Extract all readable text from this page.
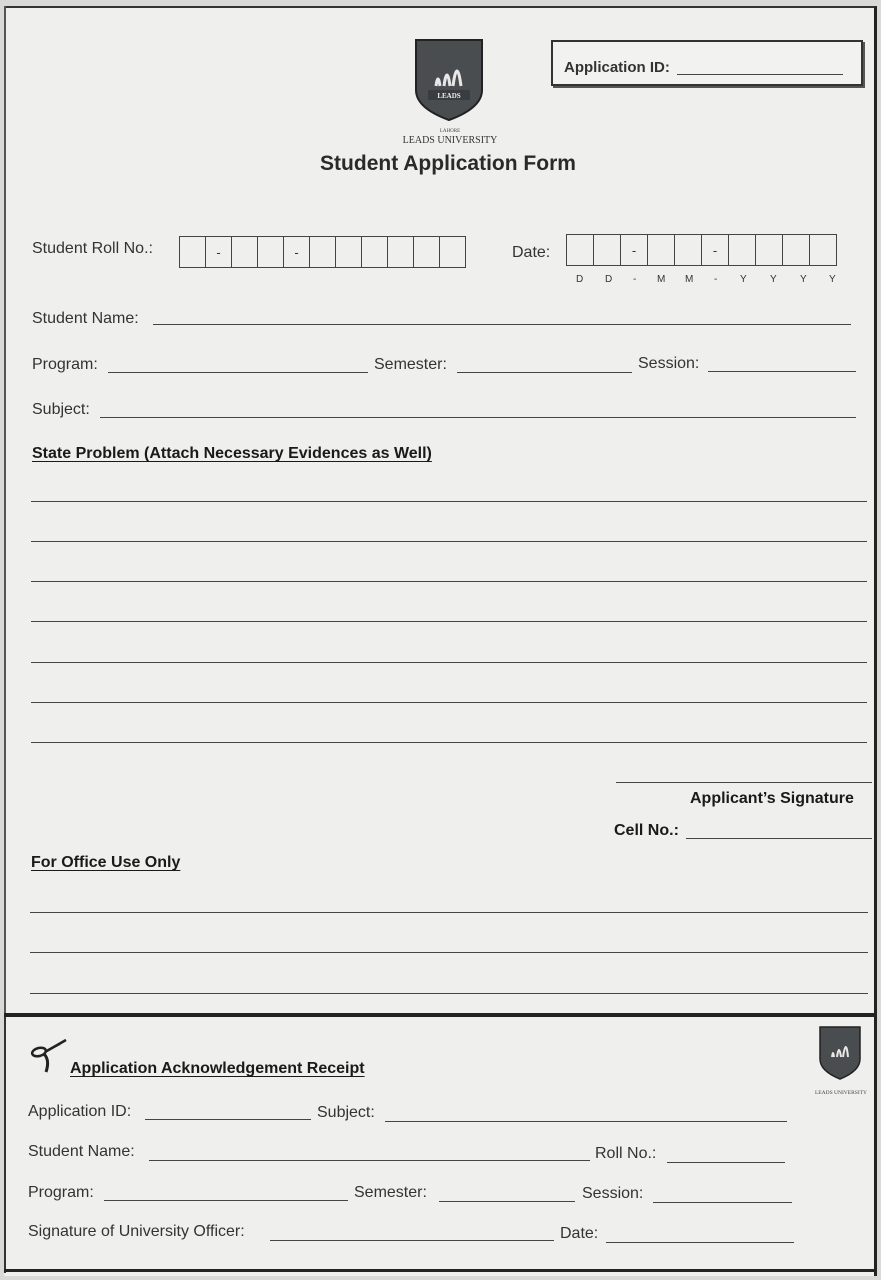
LEADS
LAHORE
LEADS UNIVERSITY
Student Application Form
Application ID:
Student Roll No.:	-	-	Date:	-	-
D D - M M - Y Y Y Y
Student Name:
Program:	Semester:	Session:
Subject:
State Problem (Attach Necessary Evidences as Well)
Applicant’s Signature
Cell No.:
For Office Use Only
Application Acknowledgement Receipt
LEADS UNIVERSITY
Application ID:	Subject:
Student Name:	Roll No.:
Program:	Semester:	Session:
Signature of University Officer:	Date:
